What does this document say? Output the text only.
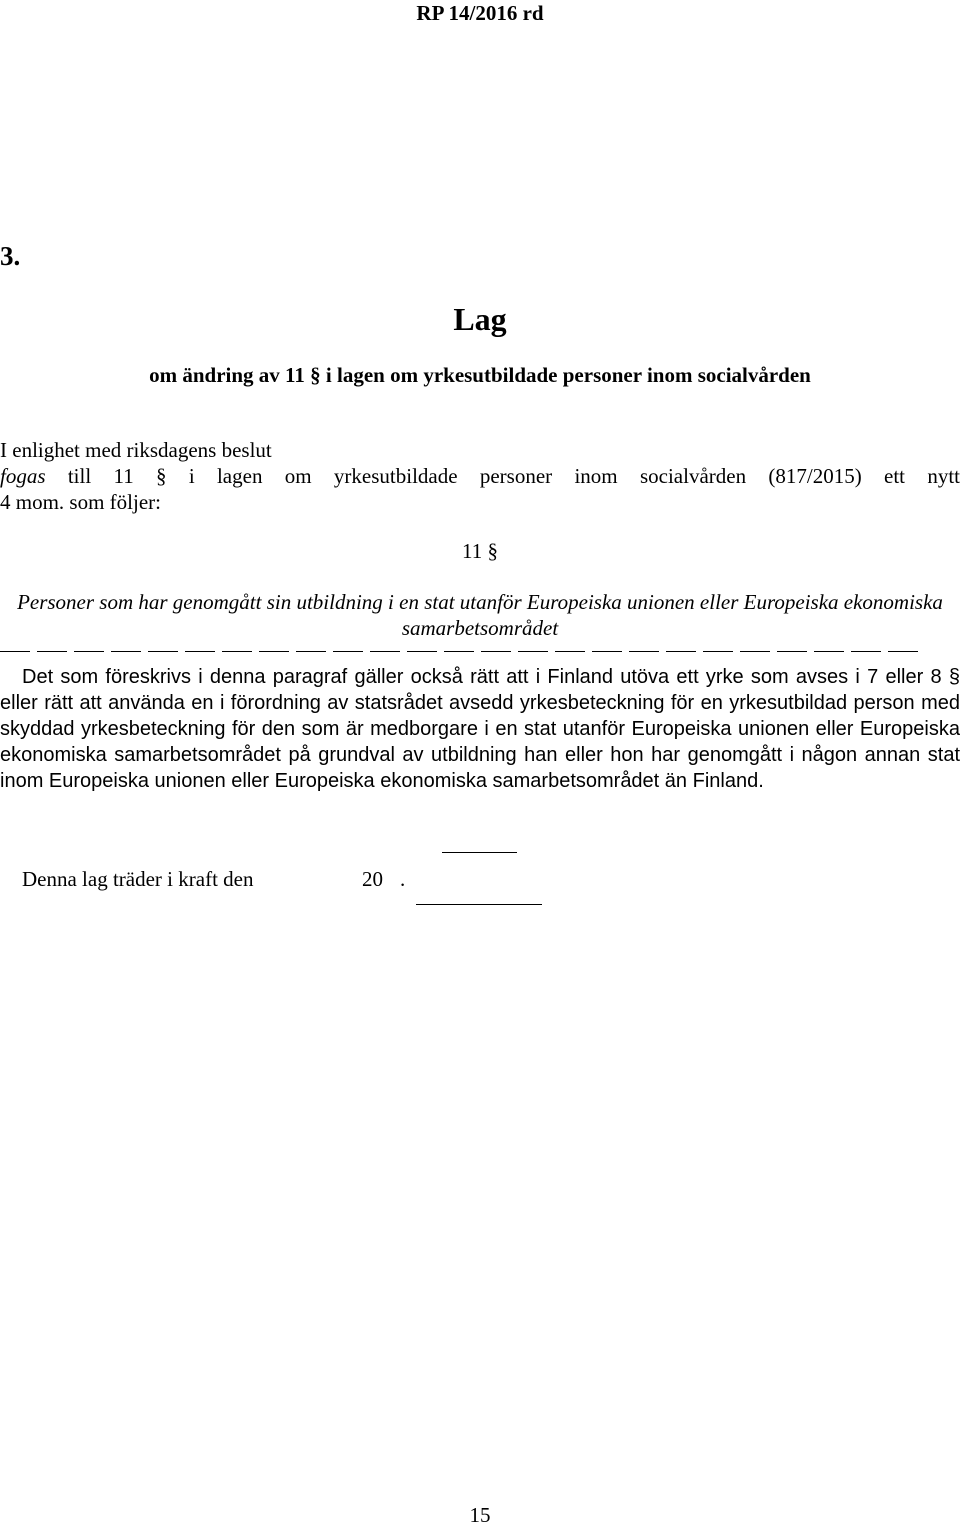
RP 14/2016 rd
3.
Lag
om ändring av 11 § i lagen om yrkesutbildade personer inom socialvården
I enlighet med riksdagens beslut
fogas till 11 § i lagen om yrkesutbildade personer inom socialvården (817/2015) ett nytt
4 mom. som följer:
11 §
Personer som har genomgått sin utbildning i en stat utanför Europeiska unionen eller Europeiska ekonomiska samarbetsområdet
Det som föreskrivs i denna paragraf gäller också rätt att i Finland utöva ett yrke som avses i 7 eller 8 § eller rätt att använda en i förordning av statsrådet avsedd yrkesbeteckning för en yrkesutbildad person med skyddad yrkesbeteckning för den som är medborgare i en stat utanför Europeiska unionen eller Europeiska ekonomiska samarbetsområdet på grundval av utbildning han eller hon har genomgått i någon annan stat inom Europeiska unionen eller Europeiska ekonomiska samarbetsområdet än Finland.
Denna lag träder i kraft den	20 .
15
